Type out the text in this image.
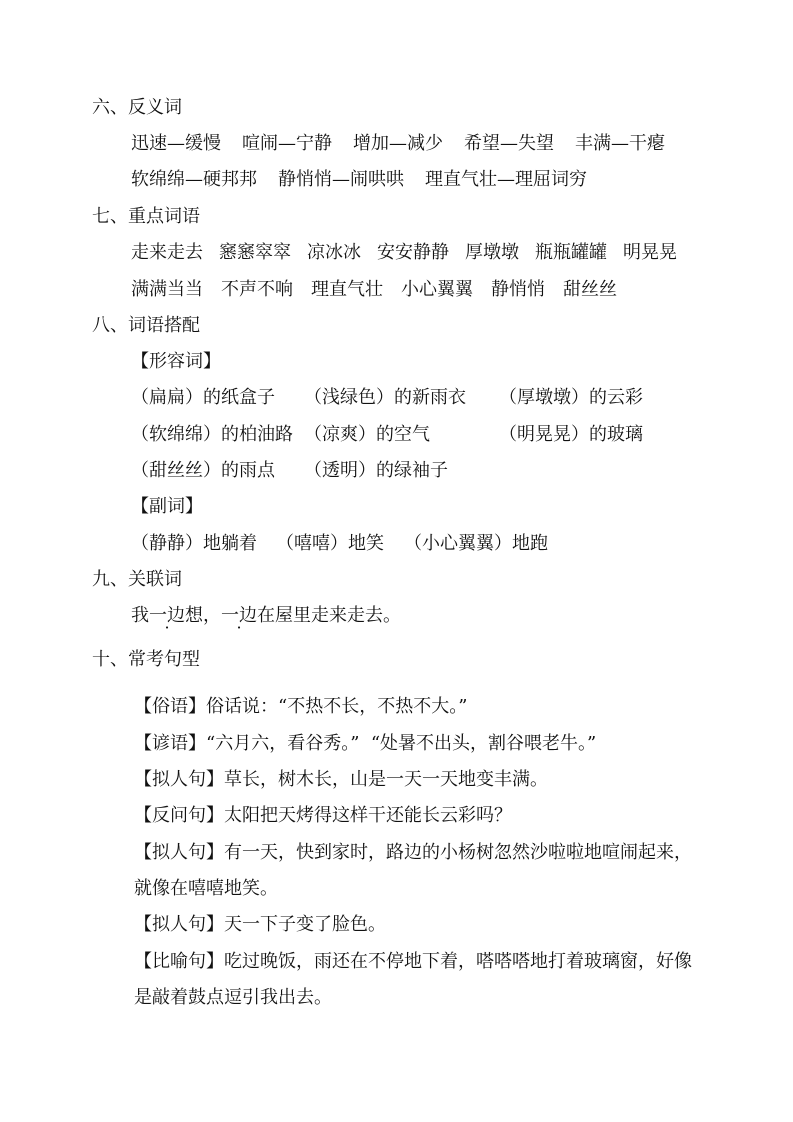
六、反义词
迅速—缓慢 喧闹—宁静 增加—减少 希望—失望 丰满—干瘪
软绵绵—硬邦邦 静悄悄—闹哄哄 理直气壮—理屈词穷
七、重点词语
走来走去 窸窸窣窣 凉冰冰 安安静静 厚墩墩 瓶瓶罐罐 明晃晃
满满当当 不声不响 理直气壮 小心翼翼 静悄悄 甜丝丝
八、词语搭配
【形容词】
（扁扁）的纸盒子 （浅绿色）的新雨衣 （厚墩墩）的云彩
（软绵绵）的柏油路 （凉爽）的空气	（明晃晃）的玻璃
（甜丝丝）的雨点 （透明）的绿袖子
【副词】
（静静）地躺着 （嘻嘻）地笑 （小心翼翼）地跑
九、关联词
我一边想，一边在屋里走来走去。
十、常考句型
【俗语】俗话说：“不热不长，不热不大。”
【谚语】“六月六，看谷秀。”  “处暑不出头，割谷喂老牛。”
【拟人句】草长，树木长，山是一天一天地变丰满。
【反问句】太阳把天烤得这样干还能长云彩吗？
【拟人句】有一天，快到家时，路边的小杨树忽然沙啦啦地喧闹起来，
就像在嘻嘻地笑。
【拟人句】天一下子变了脸色。
【比喻句】吃过晚饭，雨还在不停地下着，嗒嗒嗒地打着玻璃窗，好像
是敲着鼓点逗引我出去。
